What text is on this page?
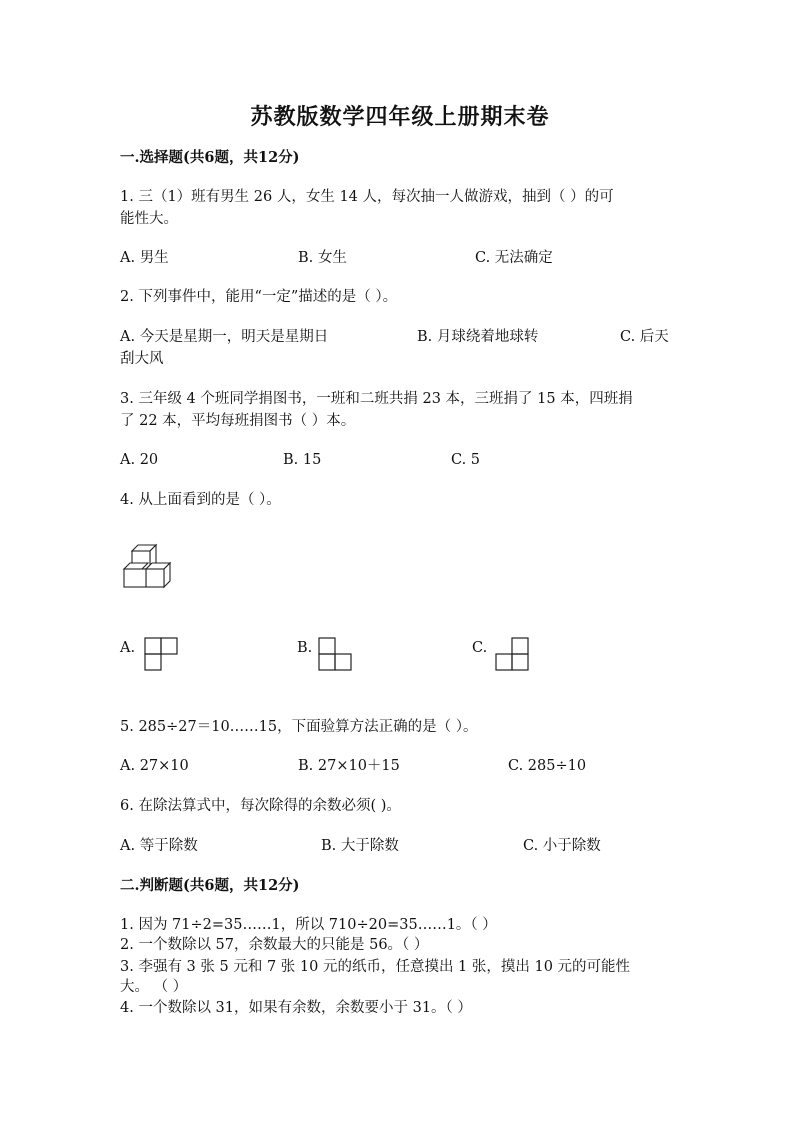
苏教版数学四年级上册期末卷
一.选择题(共6题，共12分)
1. 三（1）班有男生 26 人，女生 14 人，每次抽一人做游戏，抽到（ ）的可
能性大。
A. 男生	B. 女生	C. 无法确定
2. 下列事件中，能用“一定”描述的是（ ）。
A. 今天是星期一，明天是星期日	B. 月球绕着地球转	C. 后天
刮大风
3. 三年级 4 个班同学捐图书，一班和二班共捐 23 本，三班捐了 15 本，四班捐
了 22 本，平均每班捐图书（ ）本。
A. 20	B. 15	C. 5
4. 从上面看到的是（ ）。
A.	B.	C.
5. 285÷27＝10……15，下面验算方法正确的是（ ）。
A. 27×10	B. 27×10＋15	C. 285÷10
6. 在除法算式中，每次除得的余数必须( )。
A. 等于除数	B. 大于除数	C. 小于除数
二.判断题(共6题，共12分)
1. 因为 71÷2=35……1，所以 710÷20=35……1。（ ）
2. 一个数除以 57，余数最大的只能是 56。（ ）
3. 李强有 3 张 5 元和 7 张 10 元的纸币，任意摸出 1 张，摸出 10 元的可能性
大。 （ ）
4. 一个数除以 31，如果有余数，余数要小于 31。（ ）
